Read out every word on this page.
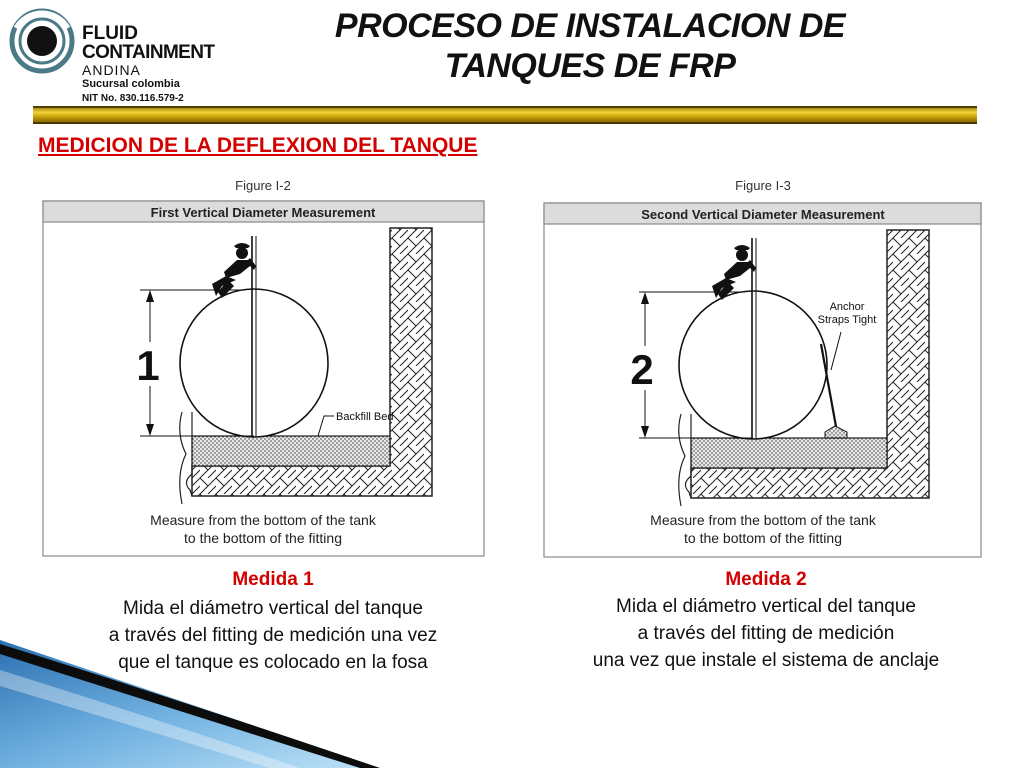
FLUID
CONTAINMENT
ANDINA
Sucursal colombia
NIT No. 830.116.579-2
PROCESO DE INSTALACION DE
TANQUES DE FRP
MEDICION DE LA DEFLEXION DEL TANQUE
Figure I-2
First Vertical Diameter Measurement
1
Backfill Bed
Measure from the bottom of the tank
to the bottom of the fitting
Figure I-3
Second Vertical Diameter Measurement
2
Anchor
Straps Tight
Measure from the bottom of the tank
to the bottom of the fitting
Medida 1
Mida el diámetro vertical del tanque
a través del fitting de medición una vez
que el tanque es colocado en la fosa
Medida 2
Mida el diámetro vertical del tanque
a través del fitting de medición
una vez que instale el sistema de anclaje
